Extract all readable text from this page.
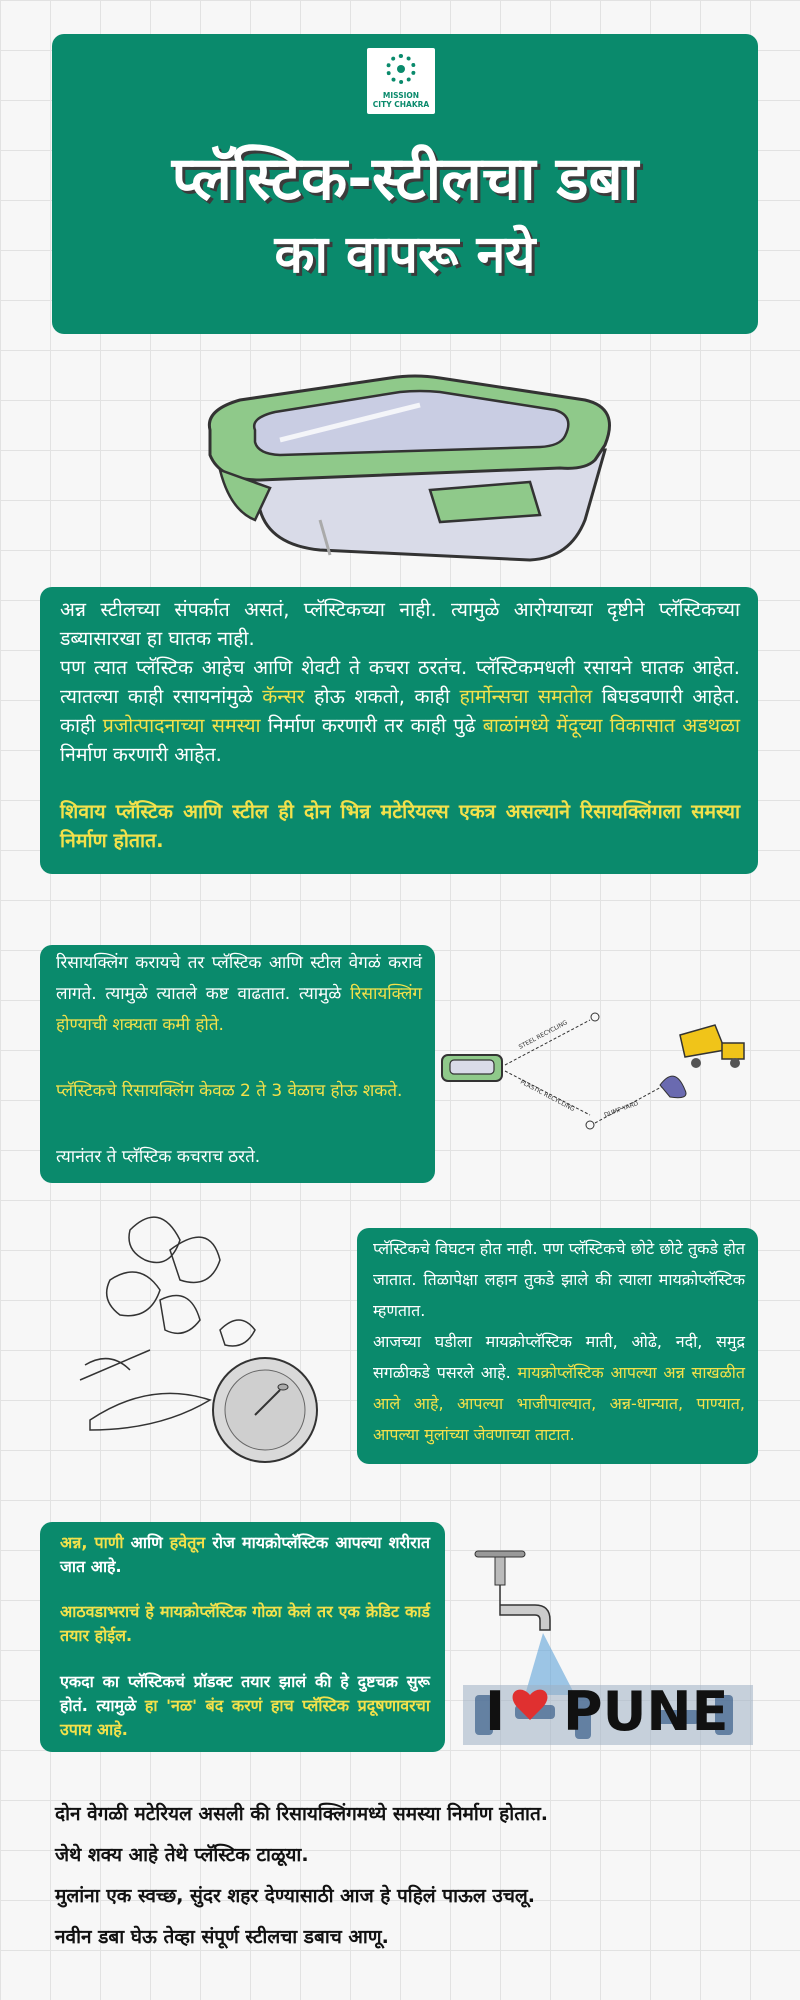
MISSION
CITY CHAKRA
प्लॅस्टिक-स्टीलचा डबा
का वापरू नये

अन्न स्टीलच्या संपर्कात असतं, प्लॅस्टिकच्या नाही. त्यामुळे आरोग्याच्या दृष्टीने प्लॅस्टिकच्या डब्यासारखा हा घातक नाही.

पण त्यात प्लॅस्टिक आहेच आणि शेवटी ते कचरा ठरतंच. प्लॅस्टिकमधली रसायने घातक आहेत. त्यातल्या काही रसायनांमुळे कॅन्सर होऊ शकतो, काही हार्मोन्सचा समतोल बिघडवणारी आहेत. काही प्रजोत्पादनाच्या समस्या निर्माण करणारी तर काही पुढे बाळांमध्ये मेंदूच्या विकासात अडथळा निर्माण करणारी आहेत.

शिवाय प्लॅस्टिक आणि स्टील ही दोन भिन्न मटेरियल्स एकत्र असल्याने रिसायक्लिंगला समस्या निर्माण होतात.

रिसायक्लिंग करायचे तर प्लॅस्टिक आणि स्टील वेगळं करावं लागते. त्यामुळे त्यातले कष्ट वाढतात. त्यामुळे रिसायक्लिंग होण्याची शक्यता कमी होते.

प्लॅस्टिकचे रिसायक्लिंग केवळ 2 ते 3 वेळाच होऊ शकते.

त्यानंतर ते प्लॅस्टिक कचराच ठरते.

STEEL RECYCLING
PLASTIC RECYCLING	DUMP YARD

प्लॅस्टिकचे विघटन होत नाही. पण प्लॅस्टिकचे छोटे छोटे तुकडे होत जातात. तिळापेक्षा लहान तुकडे झाले की त्याला मायक्रोप्लॅस्टिक म्हणतात.

आजच्या घडीला मायक्रोप्लॅस्टिक माती, ओढे, नदी, समुद्र सगळीकडे पसरले आहे. मायक्रोप्लॅस्टिक आपल्या अन्न साखळीत आले आहे, आपल्या भाजीपाल्यात, अन्न-धान्यात, पाण्यात, आपल्या मुलांच्या जेवणाच्या ताटात.

अन्न, पाणी आणि हवेतून रोज मायक्रोप्लॅस्टिक आपल्या शरीरात जात आहे.

आठवडाभराचं हे मायक्रोप्लॅस्टिक गोळा केलं तर एक क्रेडिट कार्ड तयार होईल.

एकदा का प्लॅस्टिकचं प्रॉडक्ट तयार झालं की हे दुष्टचक्र सुरू होतं. त्यामुळे हा 'नळ' बंद करणं हाच प्लॅस्टिक प्रदूषणावरचा उपाय आहे.	I PUNE
दोन वेगळी मटेरियल असली की रिसायक्लिंगमध्ये समस्या निर्माण होतात.
जेथे शक्य आहे तेथे प्लॅस्टिक टाळूया.
मुलांना एक स्वच्छ, सुंदर शहर देण्यासाठी आज हे पहिलं पाऊल उचलू.
नवीन डबा घेऊ तेव्हा संपूर्ण स्टीलचा डबाच आणू.
